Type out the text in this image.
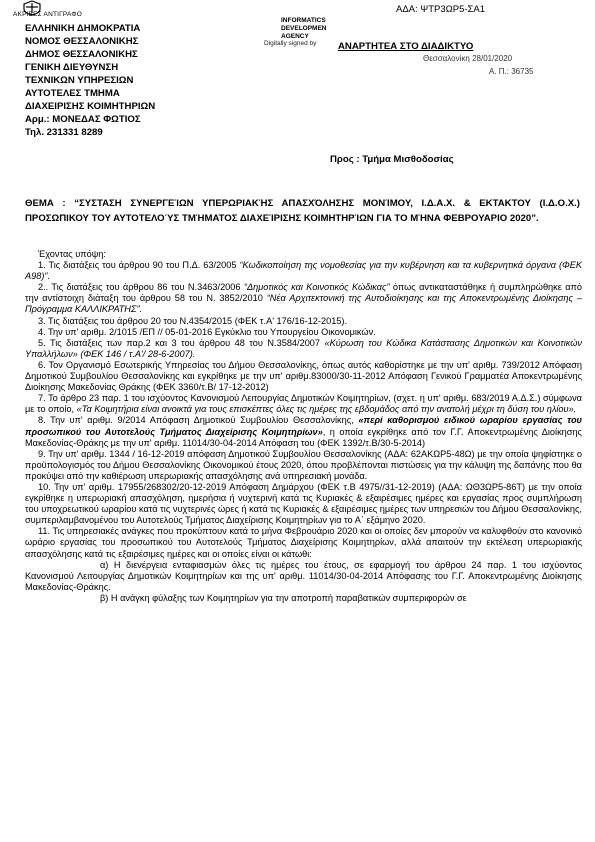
ΑΔΑ: ΨΤΡ3ΩΡ5-ΣΑ1
ΑΚΡΙΒΕΣ ΑΝΤΙΓΡΑΦΟ
ΕΛΛΗΝΙΚΗ ΔΗΜΟΚΡΑΤΙΑ
ΝΟΜΟΣ ΘΕΣΣΑΛΟΝΙΚΗΣ
ΔΗΜΟΣ ΘΕΣΣΑΛΟΝΙΚΗΣ
ΓΕΝΙΚΗ ΔΙΕΥΘΥΝΣΗ
ΤΕΧΝΙΚΩΝ ΥΠΗΡΕΣΙΩΝ
ΑΥΤΟΤΕΛΕΣ ΤΜΗΜΑ
ΔΙΑΧΕΙΡΙΣΗΣ ΚΟΙΜΗΤΗΡΙΩΝ
Αρμ.: ΜΟΝΕΔΑΣ ΦΩΤΙΟΣ
Τηλ. 231331 8289
INFORMATICS
DEVELOPMEN
AGENCY
Digitally signed by ΑΝΑΡΤΗΤΕΑ ΣΤΟ ΔΙΑΔΙΚΤΥΟ
Θεσσαλονίκη 28/01/2020
Α. Π.: 36735
Προς : Τμήμα Μισθοδοσίας
ΘΕΜΑ : “ΣΥΣΤΑΣΗ ΣΥΝΕΡΓΕΊΩΝ ΥΠΕΡΩΡΙΑΚΉΣ ΑΠΑΣΧΌΛΗΣΗΣ ΜΟΝΊΜΟΥ, Ι.Δ.Α.Χ. & ΕΚΤΑΚΤΟΥ (Ι.Δ.Ο.Χ.) ΠΡΟΣΩΠΙΚΟΥ ΤΟΥ ΑΥΤΟΤΕΛΟΎΣ ΤΜΉΜΑΤΟΣ ΔΙΑΧΕΊΡΙΣΗΣ ΚΟΙΜΗΤΗΡΊΩΝ ΓΙΑ ΤΟ ΜΉΝΑ ΦΕΒΡΟΥΑΡΙΟ 2020”.

Έχοντας υπόψη:

1. Τις διατάξεις του άρθρου 90 του Π.Δ. 63/2005 “Κωδικοποίηση της νομοθεσίας για την κυβέρνηση και τα κυβερνητικά όργανα (ΦΕΚ Α98)”.

2.. Τις διατάξεις του άρθρου 86 του Ν.3463/2006 “Δημοτικός και Κοινοτικός Κώδικας” όπως αντικαταστάθηκε ή συμπληρώθηκε από την αντίστοιχη διάταξη του άρθρου 58 του Ν. 3852/2010 “Νέα Αρχιτεκτονική της Αυτοδιοίκησης και της Αποκεντρωμένης Διοίκησης – Πρόγραμμα ΚΑΛΛΙΚΡΑΤΗΣ”.

3. Τις διατάξεις του άρθρου 20 του Ν.4354/2015 (ΦΕΚ τ.Α' 176/16-12-2015).

4. Την υπ' αριθμ. 2/1015 /ΕΠ // 05-01-2016 Εγκύκλιο του Υπουργείου Οικονομικών.

5. Τις διατάξεις των παρ.2 και 3 του άρθρου 48 του Ν.3584/2007 «Κύρωση του Κώδικα Κατάστασης Δημοτικών και Κοινοτικών Υπαλλήλων» (ΦΕΚ 146 / τ.Α'/ 28-6-2007).

6. Τον Οργανισμό Εσωτερικής Υπηρεσίας του Δήμου Θεσσαλονίκης, όπως αυτός καθορίστηκε με την υπ' αριθμ. 739/2012 Απόφαση Δημοτικού Συμβουλίου Θεσσαλονίκης και εγκρίθηκε με την υπ' αριθμ.83000/30-11-2012 Απόφαση Γενικού Γραμματέα Αποκεντρωμένης Διοίκησης Μακεδονίας Θράκης (ΦΕΚ 3360/τ.Β/ 17-12-2012)

7. Το άρθρο 23 παρ. 1 του ισχύοντος Κανονισμού Λειτουργίας Δημοτικών Κοιμητηρίων, (σχετ. η υπ' αριθμ. 683/2019 Α.Δ.Σ.) σύμφωνα με το οποίο, «Τα Κοιμητήρια είναι ανοικτά για τους επισκέπτες όλες τις ημέρες της εβδομάδος από την ανατολή μέχρι τη δύση του ηλίου».

8. Την υπ' αριθμ. 9/2014 Απόφαση Δημοτικού Συμβουλίου Θεσσαλονίκης, «περί καθορισμού ειδικού ωραρίου εργασίας του προσωπικού του Αυτοτελούς Τμήματος Διαχείρισης Κοιμητηρίων», η οποία εγκρίθηκε από τον Γ.Γ. Αποκεντρωμένης Διοίκησης Μακεδονίας-Θράκης με την υπ' αριθμ. 11014/30-04-2014 Απόφαση του (ΦΕΚ 1392/τ.Β/30-5-2014)

9. Την υπ' αριθμ. 1344 / 16-12-2019 απόφαση Δημοτικού Συμβουλίου Θεσσαλονίκης (ΑΔΑ: 62ΑΚΩΡ5-48Ω) με την οποία ψηφίστηκε ο προϋπολογισμός του Δήμου Θεσσαλονίκης Οικονομικού έτους 2020, όπου προβλέπονται πιστώσεις για την κάλυψη της δαπάνης που θα προκύψει από την καθιέρωση υπερωριακής απασχόλησης ανά υπηρεσιακή μονάδα.

10. Την υπ' αριθμ. 17955/268302/20-12-2019 Απόφαση Δημάρχου (ΦΕΚ τ.Β 4975//31-12-2019) (ΑΔΑ: ΩΘ3ΩΡ5-86Τ) με την οποία εγκρίθηκε η υπερωριακή απασχόληση, ημερήσια ή νυχτερινή κατά τις Κυριακές & εξαιρέσιμες ημέρες και εργασίας προς συμπλήρωση του υποχρεωτικού ωραρίου κατά τις νυχτερινές ώρες ή κατά τις Κυριακές & εξαιρέσιμες ημέρες των υπηρεσιών του Δήμου Θεσσαλονίκης, συμπεριλαμβανομένου του Αυτοτελούς Τμήματος Διαχείρισης Κοιμητηρίων για το Α΄ εξάμηνο 2020.

11. Τις υπηρεσιακές ανάγκες που προκύπτουν κατά το μήνα Φεβρουάριο 2020 και οι οποίες δεν μπορούν να καλυφθούν στο κανονικό ωράριο εργασίας του προσωπικού του Αυτοτελούς Τμήματος Διαχείρισης Κοιμητηρίων, αλλά απαιτούν την εκτέλεση υπερωριακής απασχόλησης κατά τις εξαιρέσιμες ημέρες και οι οποίες είναι οι κάτωθι:

α) Η διενέργεια ενταφιασμών όλες τις ημέρες του έτους, σε εφαρμογή του άρθρου 24 παρ. 1 του ισχύοντος Κανονισμού Λειτουργίας Δημοτικών Κοιμητηρίων και της υπ' αριθμ. 11014/30-04-2014 Απόφασης του Γ.Γ. Αποκεντρωμένης Διοίκησης Μακεδονίας-Θράκης.

β) Η ανάγκη φύλαξης των Κοιμητηρίων για την αποτροπή παραβατικών συμπεριφορών σε
